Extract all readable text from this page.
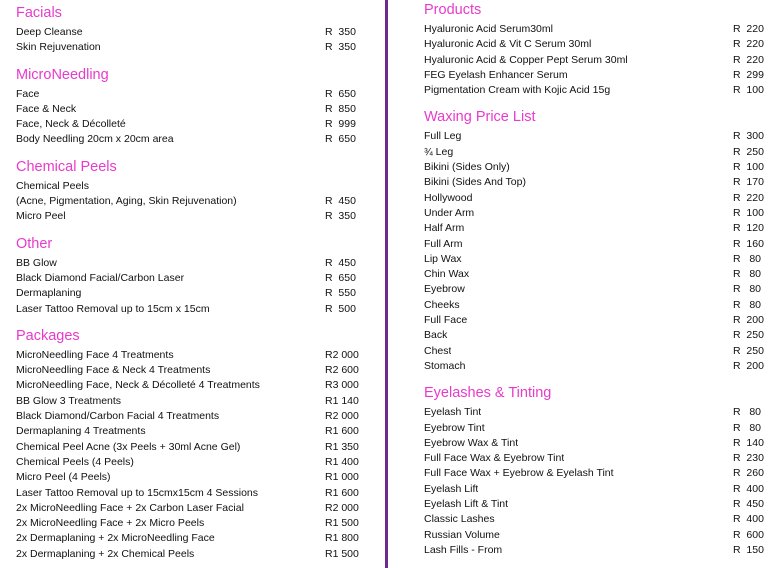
Facials
Deep Cleanse	R  350
Skin Rejuvenation	R  350
MicroNeedling
Face	R  650
Face & Neck	R  850
Face, Neck & Décolleté	R  999
Body Needling 20cm x 20cm area	R  650
Chemical Peels
Chemical Peels
(Acne, Pigmentation, Aging, Skin Rejuvenation)	R  450
Micro Peel	R  350
Other
BB Glow	R  450
Black Diamond Facial/Carbon Laser	R  650
Dermaplaning	R  550
Laser Tattoo Removal up to 15cm x 15cm	R  500
Packages
MicroNeedling Face 4 Treatments	R2 000
MicroNeedling Face & Neck 4 Treatments	R2 600
MicroNeedling Face, Neck & Décolleté 4 Treatments	R3 000
BB Glow 3 Treatments	R1 140
Black Diamond/Carbon Facial 4 Treatments	R2 000
Dermaplaning 4 Treatments	R1 600
Chemical Peel Acne (3x Peels + 30ml Acne Gel)	R1 350
Chemical Peels (4 Peels)	R1 400
Micro Peel (4 Peels)	R1 000
Laser Tattoo Removal up to 15cmx15cm 4 Sessions	R1 600
2x MicroNeedling Face + 2x Carbon Laser Facial	R2 000
2x MicroNeedling Face + 2x Micro Peels	R1 500
2x Dermaplaning + 2x MicroNeedling Face	R1 800
2x Dermaplaning + 2x Chemical Peels	R1 500
Products
Hyaluronic Acid Serum30ml	R  220
Hyaluronic Acid & Vit C Serum 30ml	R  220
Hyaluronic Acid & Copper Pept Serum 30ml	R  220
FEG Eyelash Enhancer Serum	R  299
Pigmentation Cream with Kojic Acid 15g	R  100
Waxing Price List
Full Leg	R  300
¾ Leg	R  250
Bikini (Sides Only)	R  100
Bikini (Sides And Top)	R  170
Hollywood	R  220
Under Arm	R  100
Half Arm	R  120
Full Arm	R  160
Lip Wax	R   80
Chin Wax	R   80
Eyebrow	R   80
Cheeks	R   80
Full Face	R  200
Back	R  250
Chest	R  250
Stomach	R  200
Eyelashes & Tinting
Eyelash Tint	R   80
Eyebrow Tint	R   80
Eyebrow Wax & Tint	R  140
Full Face Wax & Eyebrow Tint	R  230
Full Face Wax + Eyebrow & Eyelash Tint	R  260
Eyelash Lift	R  400
Eyelash Lift & Tint	R  450
Classic Lashes	R  400
Russian Volume	R  600
Lash Fills - From	R  150
